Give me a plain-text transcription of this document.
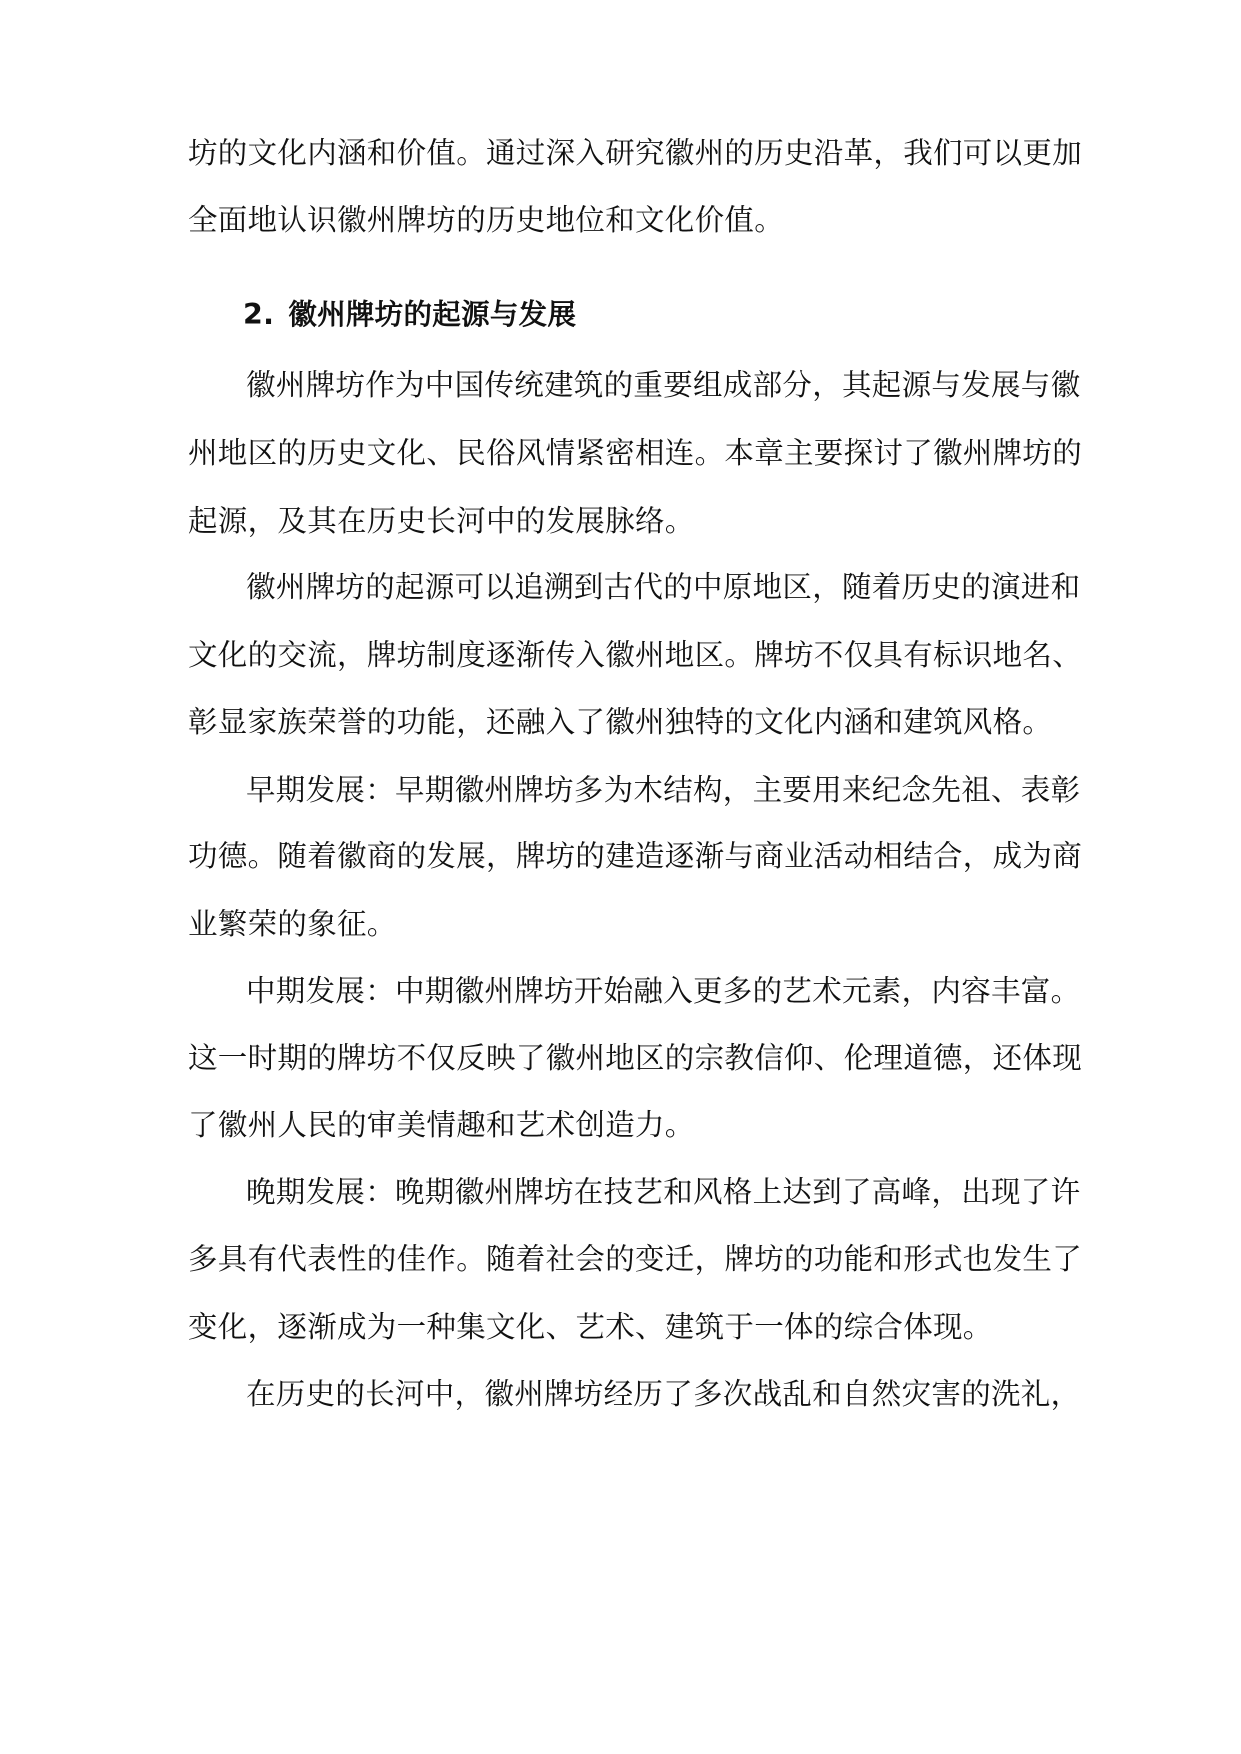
坊的文化内涵和价值。通过深入研究徽州的历史沿革，我们可以更加
全面地认识徽州牌坊的历史地位和文化价值。
2. 徽州牌坊的起源与发展
徽州牌坊作为中国传统建筑的重要组成部分，其起源与发展与徽
州地区的历史文化、民俗风情紧密相连。本章主要探讨了徽州牌坊的
起源，及其在历史长河中的发展脉络。
徽州牌坊的起源可以追溯到古代的中原地区，随着历史的演进和
文化的交流，牌坊制度逐渐传入徽州地区。牌坊不仅具有标识地名、
彰显家族荣誉的功能，还融入了徽州独特的文化内涵和建筑风格。
早期发展：早期徽州牌坊多为木结构，主要用来纪念先祖、表彰
功德。随着徽商的发展，牌坊的建造逐渐与商业活动相结合，成为商
业繁荣的象征。
中期发展：中期徽州牌坊开始融入更多的艺术元素，内容丰富。
这一时期的牌坊不仅反映了徽州地区的宗教信仰、伦理道德，还体现
了徽州人民的审美情趣和艺术创造力。
晚期发展：晚期徽州牌坊在技艺和风格上达到了高峰，出现了许
多具有代表性的佳作。随着社会的变迁，牌坊的功能和形式也发生了
变化，逐渐成为一种集文化、艺术、建筑于一体的综合体现。
在历史的长河中，徽州牌坊经历了多次战乱和自然灾害的洗礼，
